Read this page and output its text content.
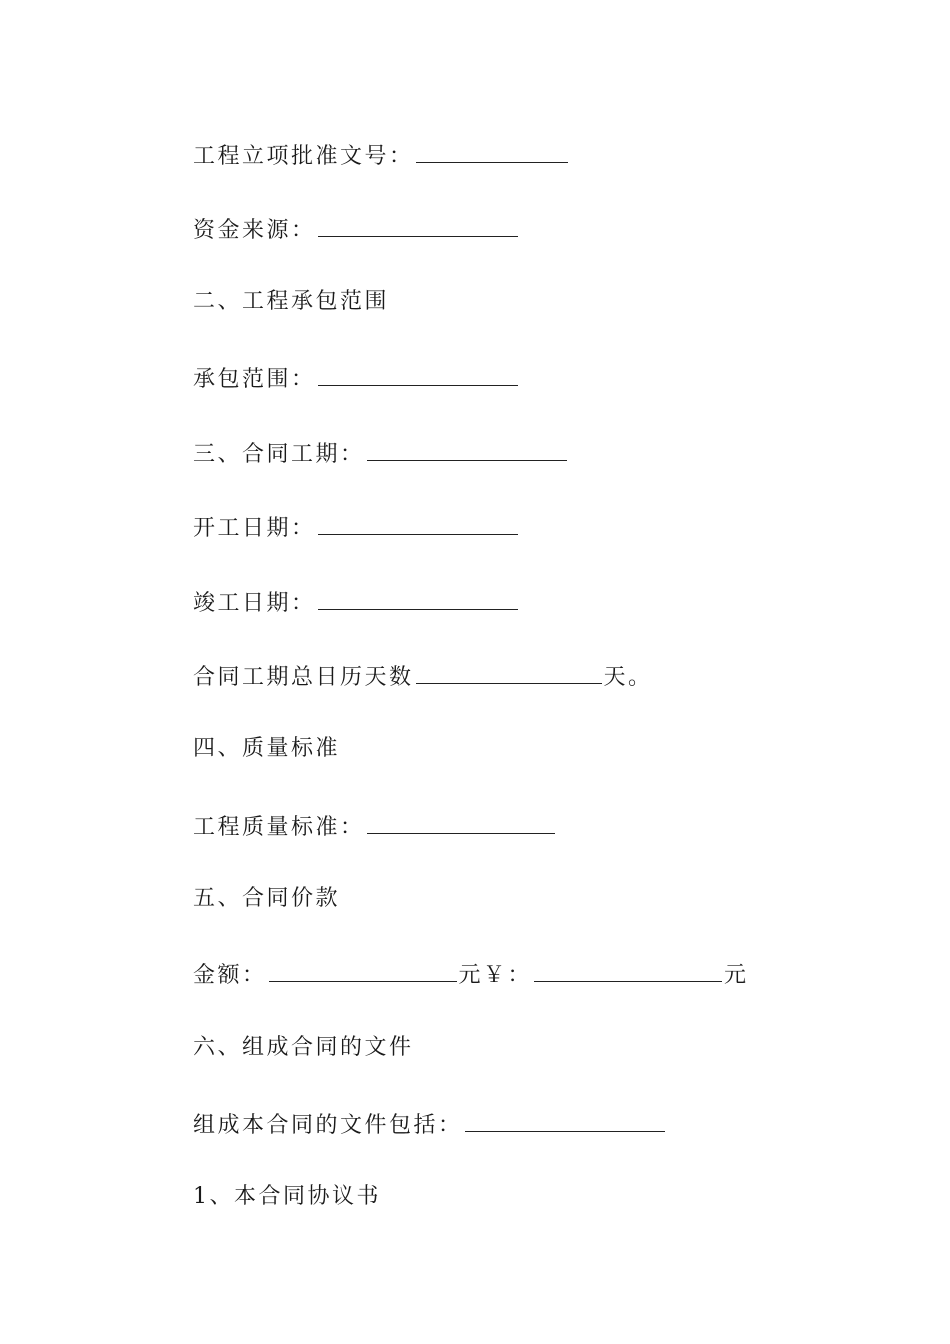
工程立项批准文号：
资金来源：
二、工程承包范围
承包范围：
三、合同工期：
开工日期：
竣工日期：
合同工期总日历天数	天。
四、质量标准
工程质量标准：
五、合同价款
金额：	元￥：	元
六、组成合同的文件
组成本合同的文件包括：
1、本合同协议书
